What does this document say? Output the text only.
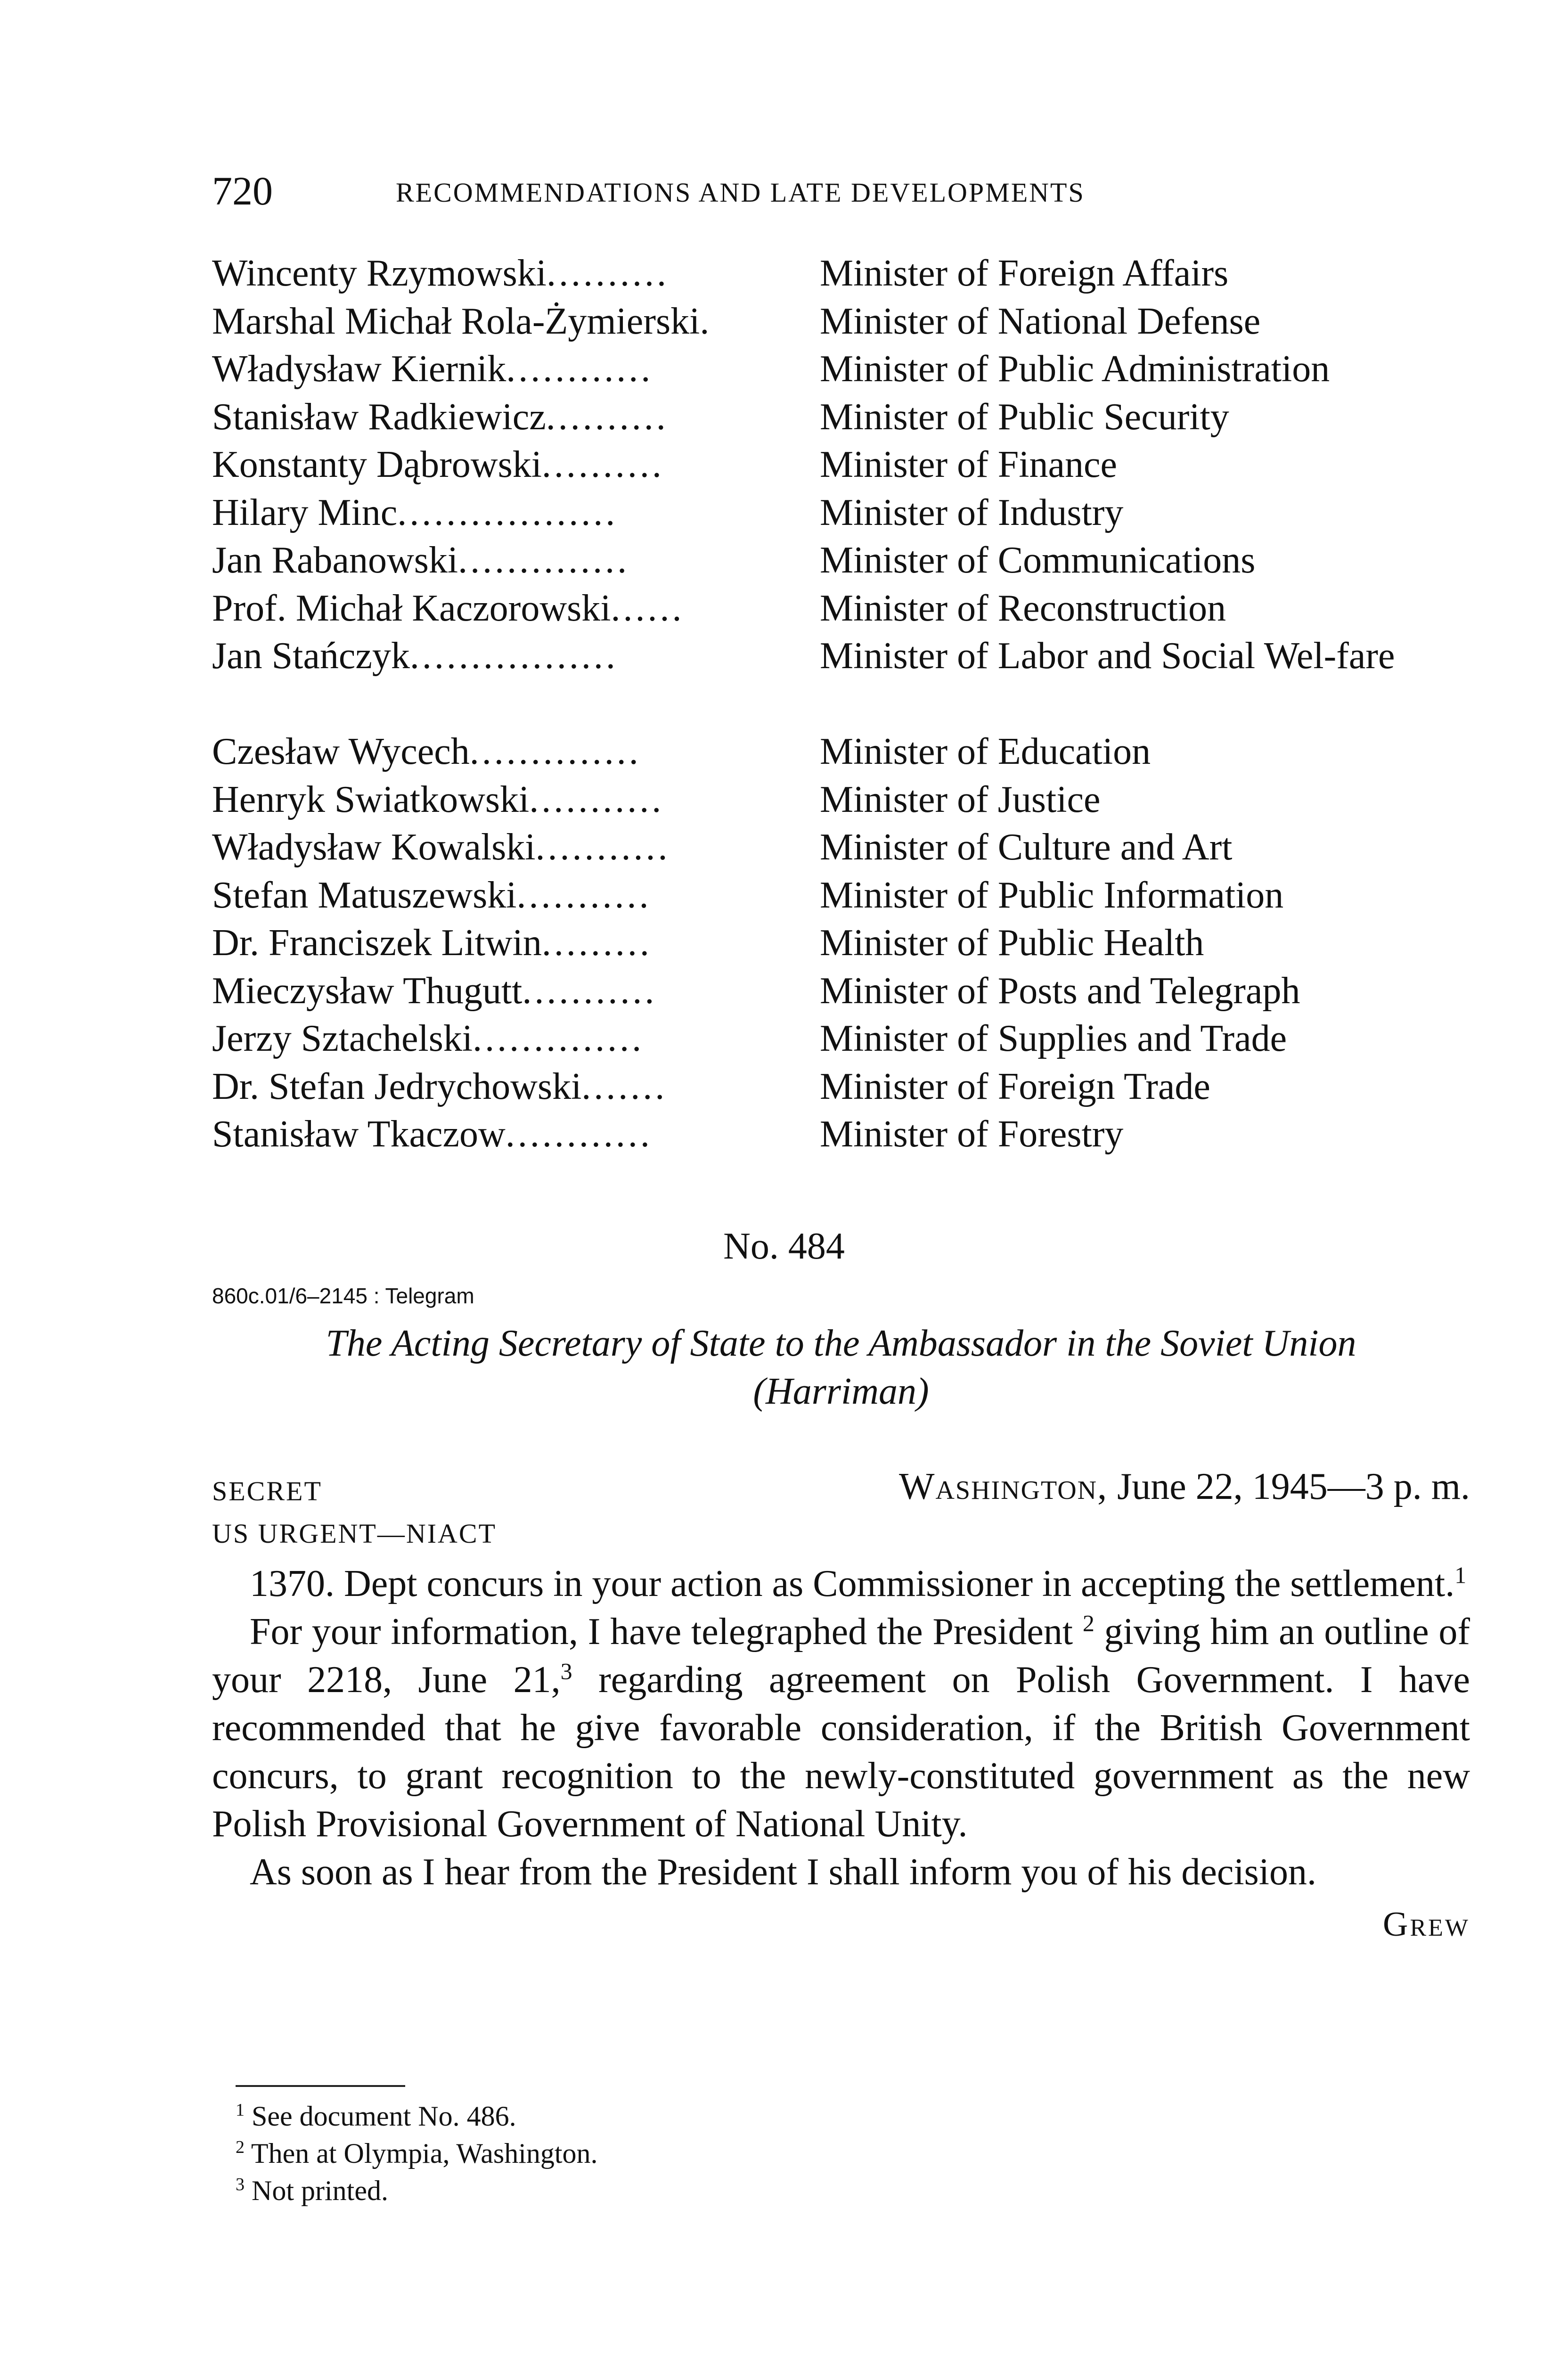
720	RECOMMENDATIONS AND LATE DEVELOPMENTS
Wincenty Rzymowski..........	Minister of Foreign Affairs
Marshal Michał Rola-Żymierski.	Minister of National Defense
Władysław Kiernik............	Minister of Public Administration
Stanisław Radkiewicz..........	Minister of Public Security
Konstanty Dąbrowski..........	Minister of Finance
Hilary Minc..................	Minister of Industry
Jan Rabanowski..............	Minister of Communications
Prof. Michał Kaczorowski......	Minister of Reconstruction
Jan Stańczyk.................	Minister of Labor and Social Wel-fare
Czesław Wycech..............	Minister of Education
Henryk Swiatkowski...........	Minister of Justice
Władysław Kowalski...........	Minister of Culture and Art
Stefan Matuszewski...........	Minister of Public Information
Dr. Franciszek Litwin.........	Minister of Public Health
Mieczysław Thugutt...........	Minister of Posts and Telegraph
Jerzy Sztachelski..............	Minister of Supplies and Trade
Dr. Stefan Jedrychowski.......	Minister of Foreign Trade
Stanisław Tkaczow............	Minister of Forestry
No. 484
860c.01/6–2145 : Telegram
The Acting Secretary of State to the Ambassador in the Soviet Union
(Harriman)
SECRET
US URGENT—NIACT
Washington, June 22, 1945—3 p. m.

1370. Dept concurs in your action as Commissioner in accepting the settlement.$^1$

For your information, I have telegraphed the President $^2$ giving him an outline of your 2218, June 21,$^3$ regarding agreement on Polish Government. I have recommended that he give favorable consideration, if the British Government concurs, to grant recognition to the newly-constituted government as the new Polish Provisional Government of National Unity.

As soon as I hear from the President I shall inform you of his decision.

Grew
$^1$ See document No. 486.
$^2$ Then at Olympia, Washington.
$^3$ Not printed.
